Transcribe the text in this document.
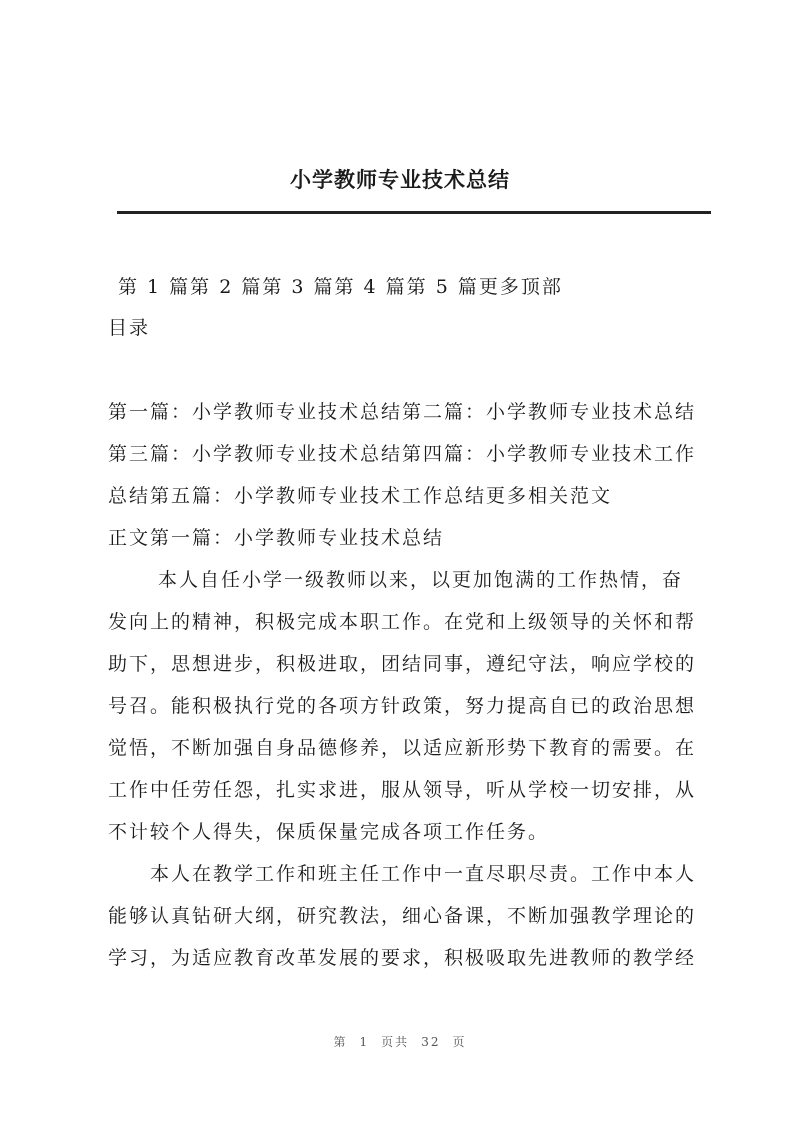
小学教师专业技术总结
第 1 篇第 2 篇第 3 篇第 4 篇第 5 篇更多顶部
目录
第一篇：小学教师专业技术总结第二篇：小学教师专业技术总结
第三篇：小学教师专业技术总结第四篇：小学教师专业技术工作
总结第五篇：小学教师专业技术工作总结更多相关范文
正文第一篇：小学教师专业技术总结
本人自任小学一级教师以来，以更加饱满的工作热情，奋
发向上的精神，积极完成本职工作。在党和上级领导的关怀和帮
助下，思想进步，积极进取，团结同事，遵纪守法，响应学校的
号召。能积极执行党的各项方针政策，努力提高自已的政治思想
觉悟，不断加强自身品德修养，以适应新形势下教育的需要。在
工作中任劳任怨，扎实求进，服从领导，听从学校一切安排，从
不计较个人得失，保质保量完成各项工作任务。
本人在教学工作和班主任工作中一直尽职尽责。工作中本人
能够认真钻研大纲，研究教法，细心备课，不断加强教学理论的
学习，为适应教育改革发展的要求，积极吸取先进教师的教学经
第 1 页共 32 页
